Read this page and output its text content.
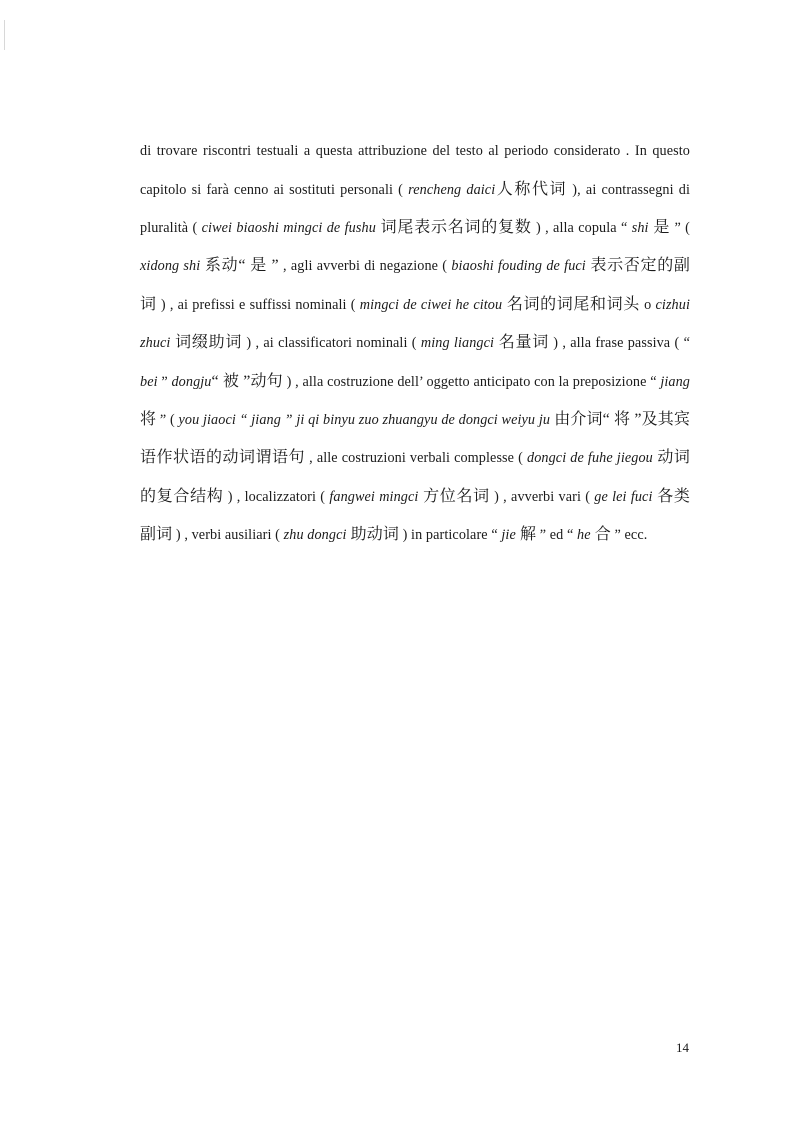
di trovare riscontri testuali a questa attribuzione del testo al periodo considerato . In questo capitolo si farà cenno ai sostituti personali ( rencheng daici人称代词 ), ai contrassegni di pluralità ( ciwei biaoshi mingci de fushu 词尾表示名词的复数 ) , alla copula “ shi 是 ” ( xidong shi 系动“ 是 ” , agli avverbi di negazione ( biaoshi fouding de fuci 表示否定的副词 ) , ai prefissi e suffissi nominali ( mingci de ciwei he citou 名词的词尾和词头 o cizhui zhuci 词缀助词 ) , ai classificatori nominali ( ming liangci 名量词 ) , alla frase passiva ( “ bei ” dongju“ 被 ”动句 ) , alla costruzione dell’ oggetto anticipato con la preposizione “ jiang 将 ” ( you jiaoci “ jiang ” ji qi binyu zuo zhuangyu de dongci weiyu ju 由介词“ 将 ”及其宾语作状语的动词谓语句 , alle costruzioni verbali complesse ( dongci de fuhe jiegou 动词的复合结构 ) , localizzatori ( fangwei mingci 方位名词 ) , avverbi vari ( ge lei fuci 各类副词 ) , verbi ausiliari ( zhu dongci 助动词 ) in particolare “ jie 解 ” ed “ he 合 ” ecc.

14
